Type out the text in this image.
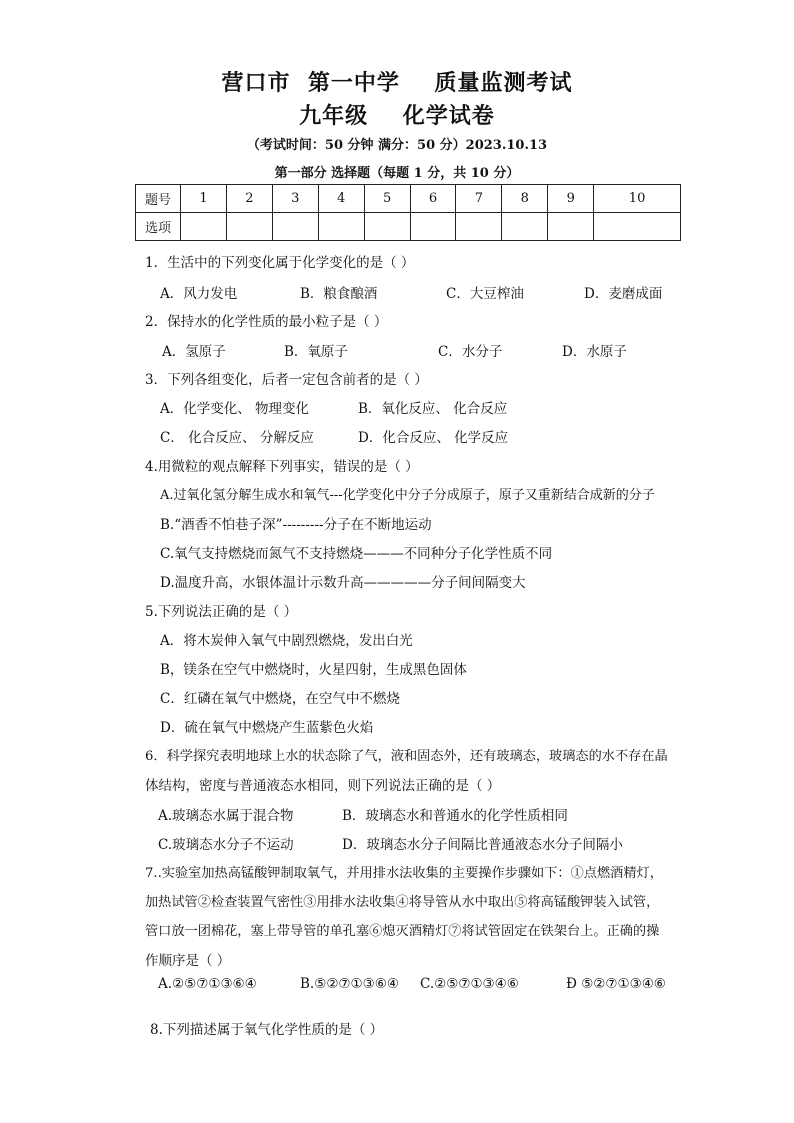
营口市  第一中学    质量监测考试
九年级    化学试卷
（考试时间：50 分钟 满分：50 分）2023.10.13
第一部分 选择题（每题 1 分，共 10 分）
题号	1	2	3	4	5	6	7	8	9	10
选项										
1．生活中的下列变化属于化学变化的是（ ）
A．风力发电	B．粮食酿酒	C．大豆榨油	D．麦磨成面
2．保持水的化学性质的最小粒子是（ ）
A．氢原子	B．氧原子	C．水分子	D．水原子
3．下列各组变化，后者一定包含前者的是（ ）
A．化学变化、 物理变化	B．氧化反应、 化合反应
C． 化合反应、 分解反应	D．化合反应、 化学反应
4.用微粒的观点解释下列事实，错误的是（ ）
A.过氧化氢分解生成水和氧气---化学变化中分子分成原子，原子又重新结合成新的分子
B.“酒香不怕巷子深”---------分子在不断地运动
C.氧气支持燃烧而氮气不支持燃烧———不同种分子化学性质不同
D.温度升高，水银体温计示数升高—————分子间间隔变大
5.下列说法正确的是（ ）
A．将木炭伸入氧气中剧烈燃烧，发出白光
B，镁条在空气中燃烧时，火星四射，生成黑色固体
C．红磷在氧气中燃烧，在空气中不燃烧
D．硫在氧气中燃烧产生蓝紫色火焰
6．科学探究表明地球上水的状态除了气，液和固态外，还有玻璃态，玻璃态的水不存在晶
体结构，密度与普通液态水相同，则下列说法正确的是（ ）
A.玻璃态水属于混合物	B．玻璃态水和普通水的化学性质相同
C.玻璃态水分子不运动	D．玻璃态水分子间隔比普通液态水分子间隔小
7..实验室加热高锰酸钾制取氧气，并用排水法收集的主要操作步骤如下：①点燃酒精灯，
加热试管②检查装置气密性③用排水法收集④将导管从水中取出⑤将高锰酸钾装入试管，
管口放一团棉花，塞上带导管的单孔塞⑥熄灭酒精灯⑦将试管固定在铁架台上。正确的操
作顺序是（ ）
A.②⑤⑦①③⑥④	B.⑤②⑦①③⑥④ C.②⑤⑦①③④⑥	Ð ⑤②⑦①③④⑥
8.下列描述属于氧气化学性质的是（ ）
